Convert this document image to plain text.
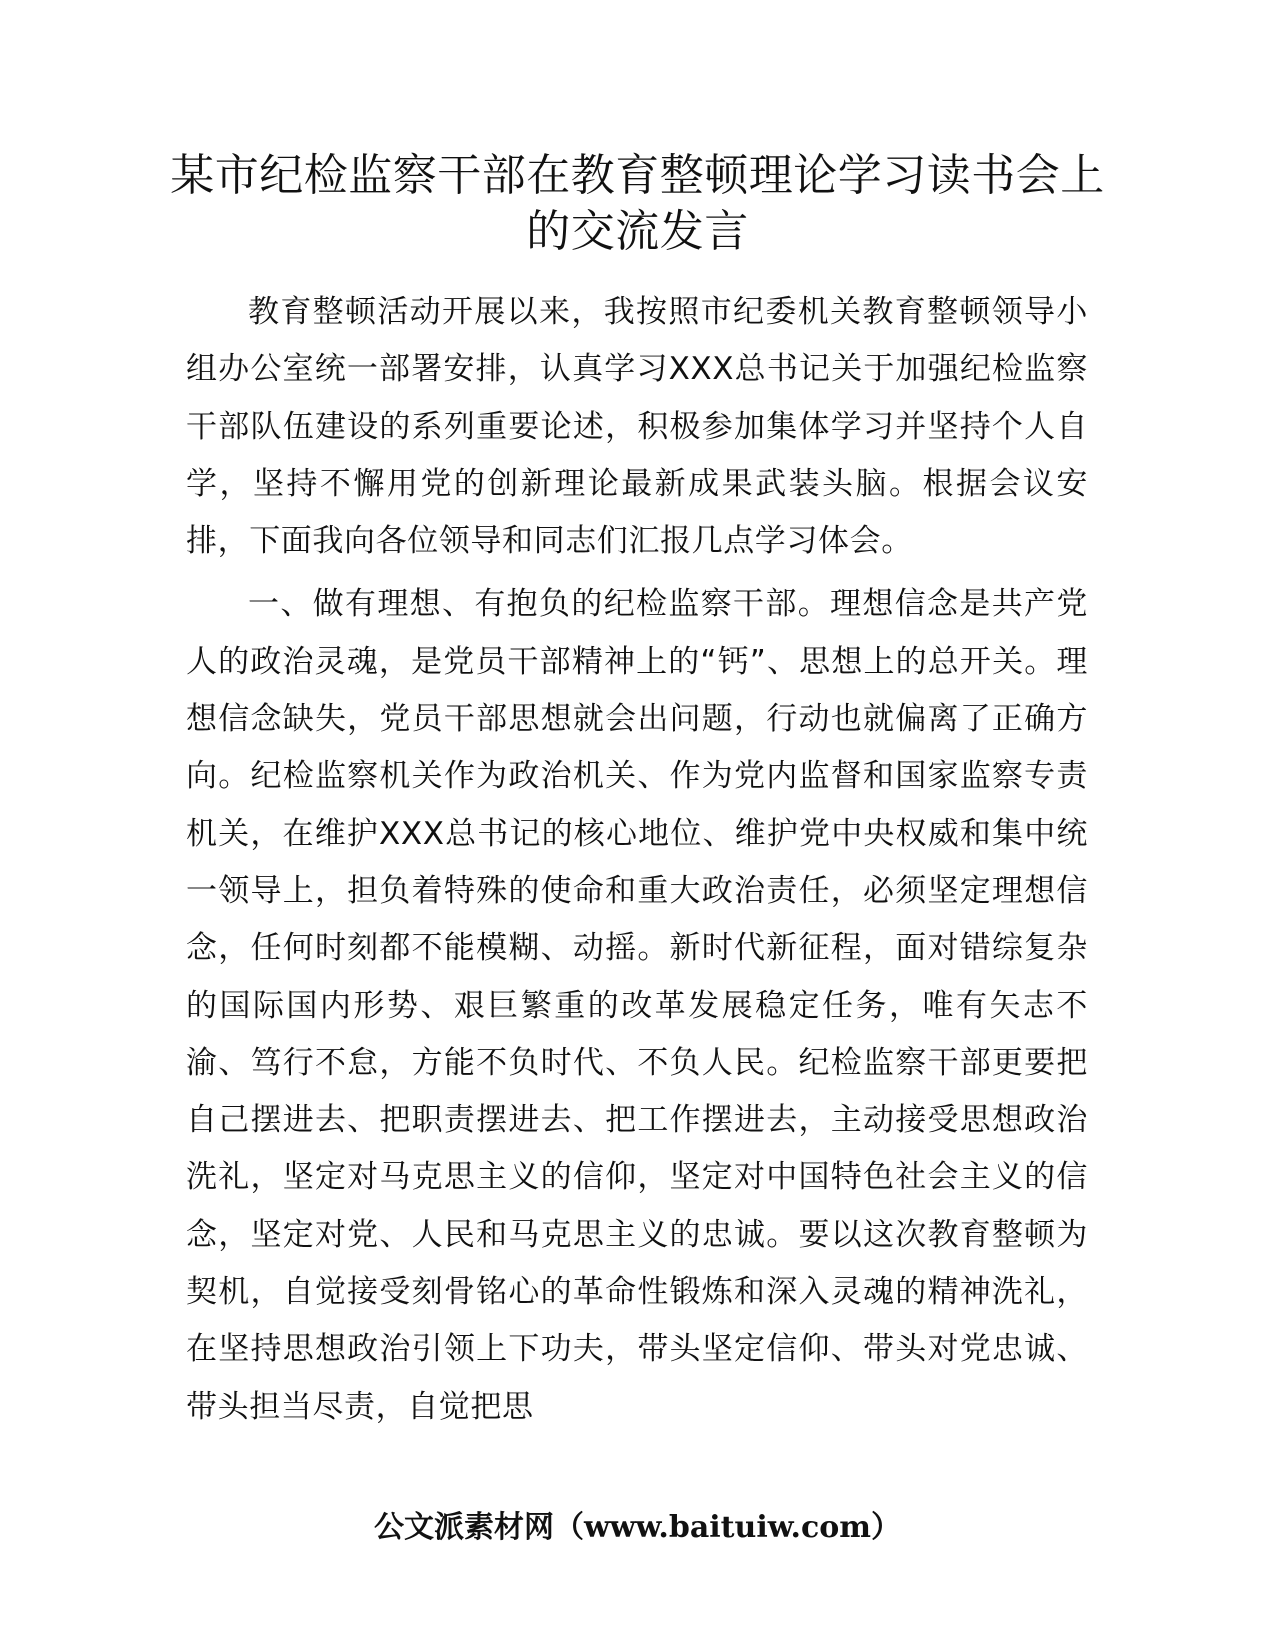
某市纪检监察干部在教育整顿理论学习读书会上的交流发言

教育整顿活动开展以来，我按照市纪委机关教育整顿领导小组办公室统一部署安排，认真学习XXX总书记关于加强纪检监察干部队伍建设的系列重要论述，积极参加集体学习并坚持个人自学，坚持不懈用党的创新理论最新成果武装头脑。根据会议安排，下面我向各位领导和同志们汇报几点学习体会。

一、做有理想、有抱负的纪检监察干部。理想信念是共产党人的政治灵魂，是党员干部精神上的“钙”、思想上的总开关。理想信念缺失，党员干部思想就会出问题，行动也就偏离了正确方向。纪检监察机关作为政治机关、作为党内监督和国家监察专责机关，在维护XXX总书记的核心地位、维护党中央权威和集中统一领导上，担负着特殊的使命和重大政治责任，必须坚定理想信念，任何时刻都不能模糊、动摇。新时代新征程，面对错综复杂的国际国内形势、艰巨繁重的改革发展稳定任务，唯有矢志不渝、笃行不怠，方能不负时代、不负人民。纪检监察干部更要把自己摆进去、把职责摆进去、把工作摆进去，主动接受思想政治洗礼，坚定对马克思主义的信仰，坚定对中国特色社会主义的信念，坚定对党、人民和马克思主义的忠诚。要以这次教育整顿为契机，自觉接受刻骨铭心的革命性锻炼和深入灵魂的精神洗礼，在坚持思想政治引领上下功夫，带头坚定信仰、带头对党忠诚、带头担当尽责，自觉把思

公文派素材网（www.baituiw.com）
